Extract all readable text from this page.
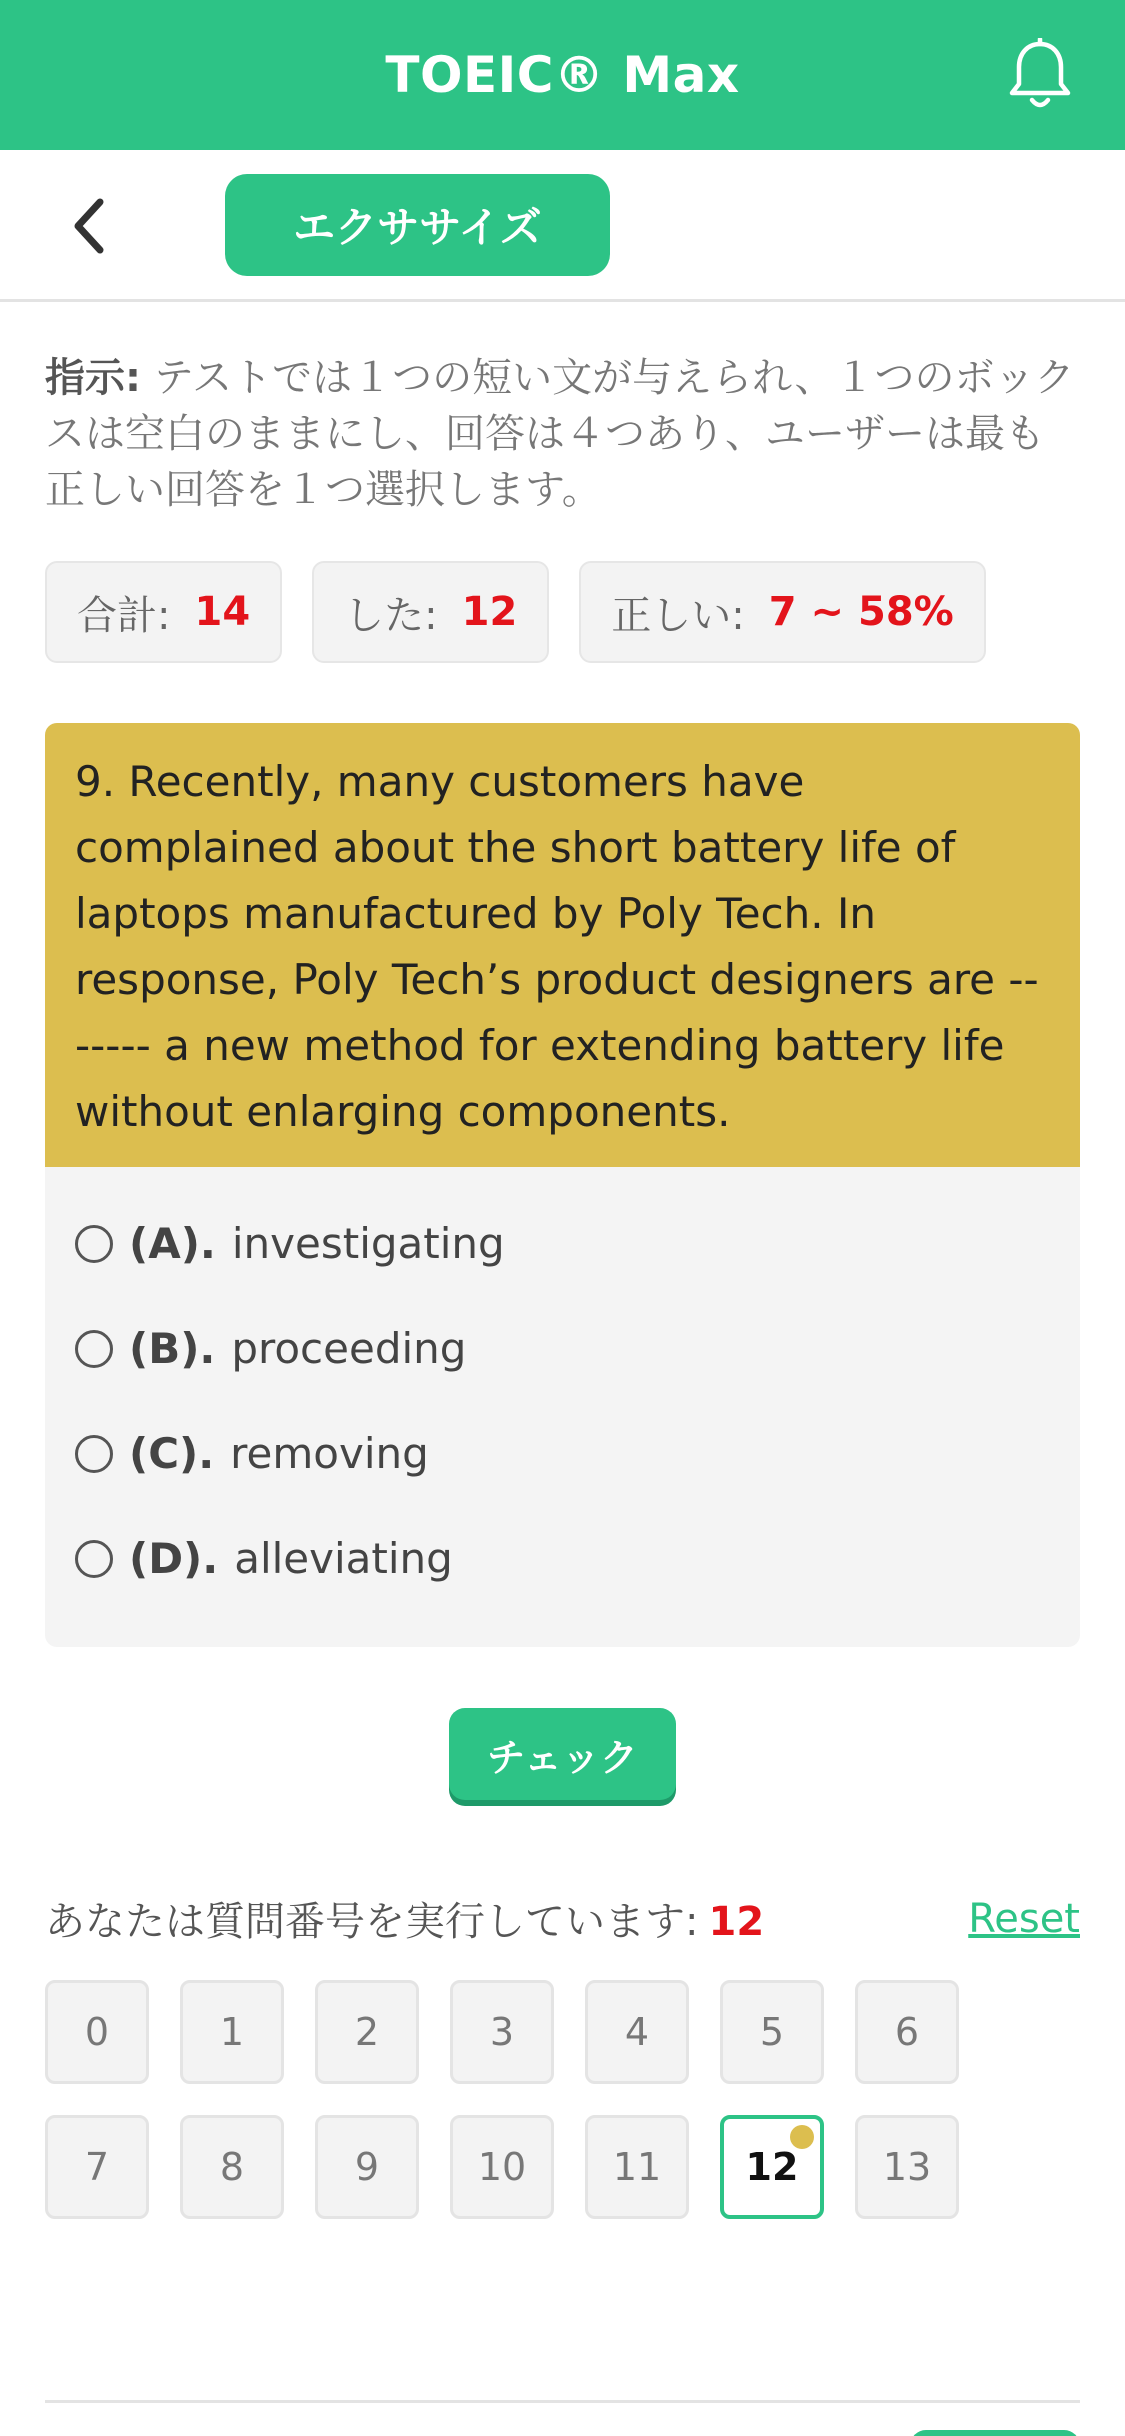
TOEIC® Max
エクササイズ
指示: テストでは１つの短い文が与えられ、１つのボックスは空白のままにし、回答は４つあり、ユーザーは最も正しい回答を１つ選択します。
合計: 14 した: 12 正しい: 7 ~ 58%
9. Recently, many customers have complained about the short battery life of laptops manufactured by Poly Tech. In response, Poly Tech’s product designers are ------- a new method for extending battery life without enlarging components.
(A). investigating
(B). proceeding
(C). removing
(D). alleviating
チェック
あなたは質問番号を実行しています: 12	Reset
0	1	2	3	4	5	6
7	8	9	10	11	12	13
